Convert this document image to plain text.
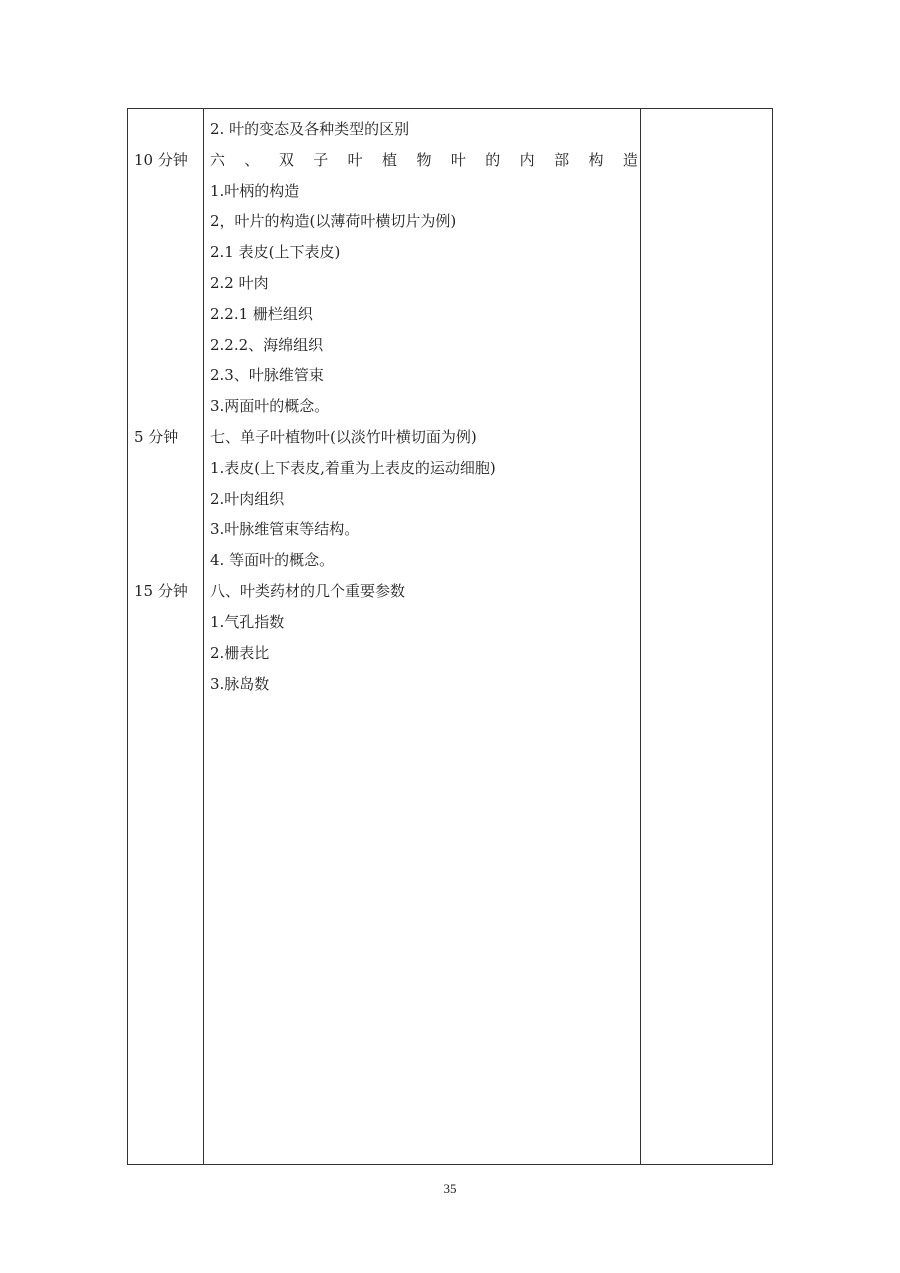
10 分钟
5 分钟
15 分钟
2. 叶的变态及各种类型的区别
六 、 双 子 叶 植 物 叶 的 内 部 构 造
1.叶柄的构造
2，叶片的构造(以薄荷叶横切片为例)
2.1 表皮(上下表皮)
2.2 叶肉
2.2.1 栅栏组织
2.2.2、海绵组织
2.3、叶脉维管束
3.两面叶的概念。
七、单子叶植物叶(以淡竹叶横切面为例)
1.表皮(上下表皮,着重为上表皮的运动细胞)
2.叶肉组织
3.叶脉维管束等结构。
4. 等面叶的概念。
八、叶类药材的几个重要参数
1.气孔指数
2.栅表比
3.脉岛数
35
